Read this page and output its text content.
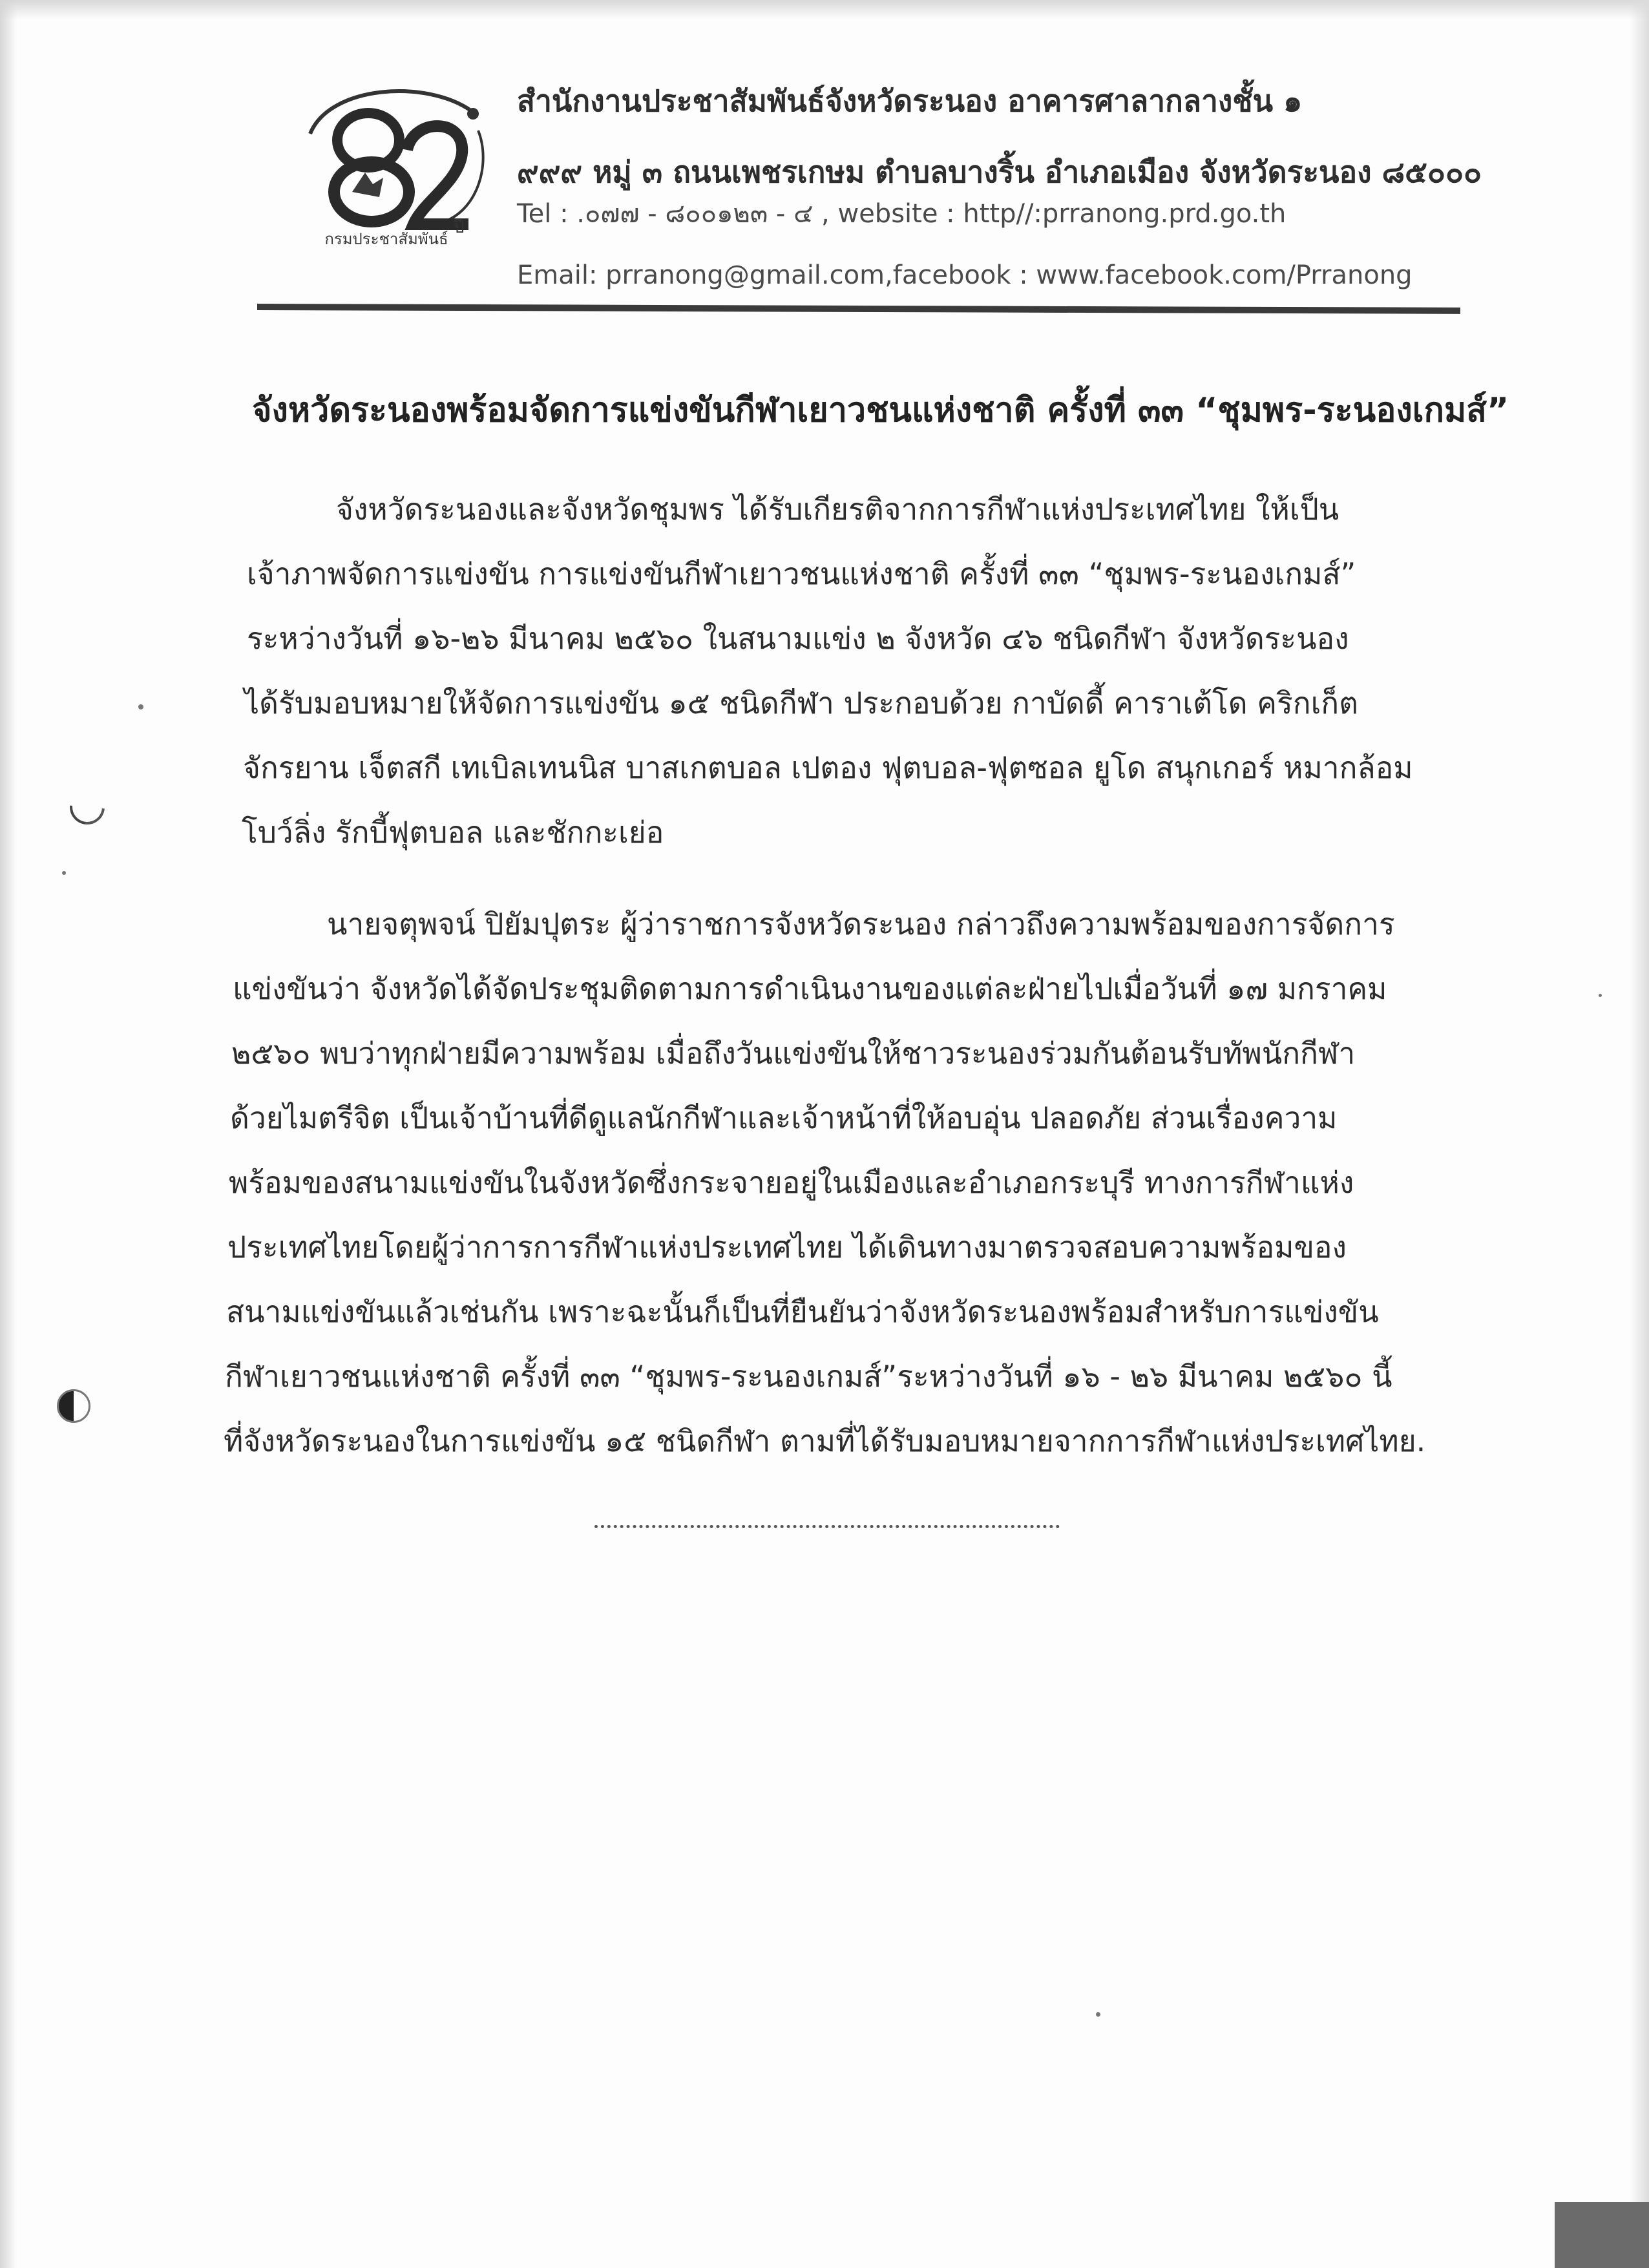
ปี
กรมประชาสัมพันธ์
สำนักงานประชาสัมพันธ์จังหวัดระนอง อาคารศาลากลางชั้น ๑
๙๙๙ หมู่ ๓ ถนนเพชรเกษม ตำบลบางริ้น อำเภอเมือง จังหวัดระนอง ๘๕๐๐๐
Tel : .๐๗๗ - ๘๐๐๑๒๓ - ๔ , website : http//:prranong.prd.go.th
Email: prranong@gmail.com,facebook : www.facebook.com/Prranong
จังหวัดระนองพร้อมจัดการแข่งขันกีฬาเยาวชนแห่งชาติ ครั้งที่ ๓๓ “ชุมพร-ระนองเกมส์”
จังหวัดระนองและจังหวัดชุมพร ได้รับเกียรติจากการกีฬาแห่งประเทศไทย ให้เป็น
เจ้าภาพจัดการแข่งขัน การแข่งขันกีฬาเยาวชนแห่งชาติ ครั้งที่ ๓๓ “ชุมพร-ระนองเกมส์”
ระหว่างวันที่ ๑๖-๒๖ มีนาคม ๒๕๖๐ ในสนามแข่ง ๒ จังหวัด ๔๖ ชนิดกีฬา จังหวัดระนอง
ได้รับมอบหมายให้จัดการแข่งขัน ๑๕ ชนิดกีฬา ประกอบด้วย กาบัดดี้ คาราเต้โด คริกเก็ต
จักรยาน เจ็ตสกี เทเบิลเทนนิส บาสเกตบอล เปตอง ฟุตบอล-ฟุตซอล ยูโด สนุกเกอร์ หมากล้อม
โบว์ลิ่ง รักบี้ฟุตบอล และชักกะเย่อ
นายจตุพจน์ ปิยัมปุตระ ผู้ว่าราชการจังหวัดระนอง กล่าวถึงความพร้อมของการจัดการ
แข่งขันว่า จังหวัดได้จัดประชุมติดตามการดำเนินงานของแต่ละฝ่ายไปเมื่อวันที่ ๑๗ มกราคม
๒๕๖๐ พบว่าทุกฝ่ายมีความพร้อม เมื่อถึงวันแข่งขันให้ชาวระนองร่วมกันต้อนรับทัพนักกีฬา
ด้วยไมตรีจิต เป็นเจ้าบ้านที่ดีดูแลนักกีฬาและเจ้าหน้าที่ให้อบอุ่น ปลอดภัย ส่วนเรื่องความ
พร้อมของสนามแข่งขันในจังหวัดซึ่งกระจายอยู่ในเมืองและอำเภอกระบุรี ทางการกีฬาแห่ง
ประเทศไทยโดยผู้ว่าการการกีฬาแห่งประเทศไทย ได้เดินทางมาตรวจสอบความพร้อมของ
สนามแข่งขันแล้วเช่นกัน เพราะฉะนั้นก็เป็นที่ยืนยันว่าจังหวัดระนองพร้อมสำหรับการแข่งขัน
กีฬาเยาวชนแห่งชาติ ครั้งที่ ๓๓ “ชุมพร-ระนองเกมส์”ระหว่างวันที่ ๑๖ - ๒๖ มีนาคม ๒๕๖๐ นี้
ที่จังหวัดระนองในการแข่งขัน ๑๕ ชนิดกีฬา ตามที่ได้รับมอบหมายจากการกีฬาแห่งประเทศไทย.
